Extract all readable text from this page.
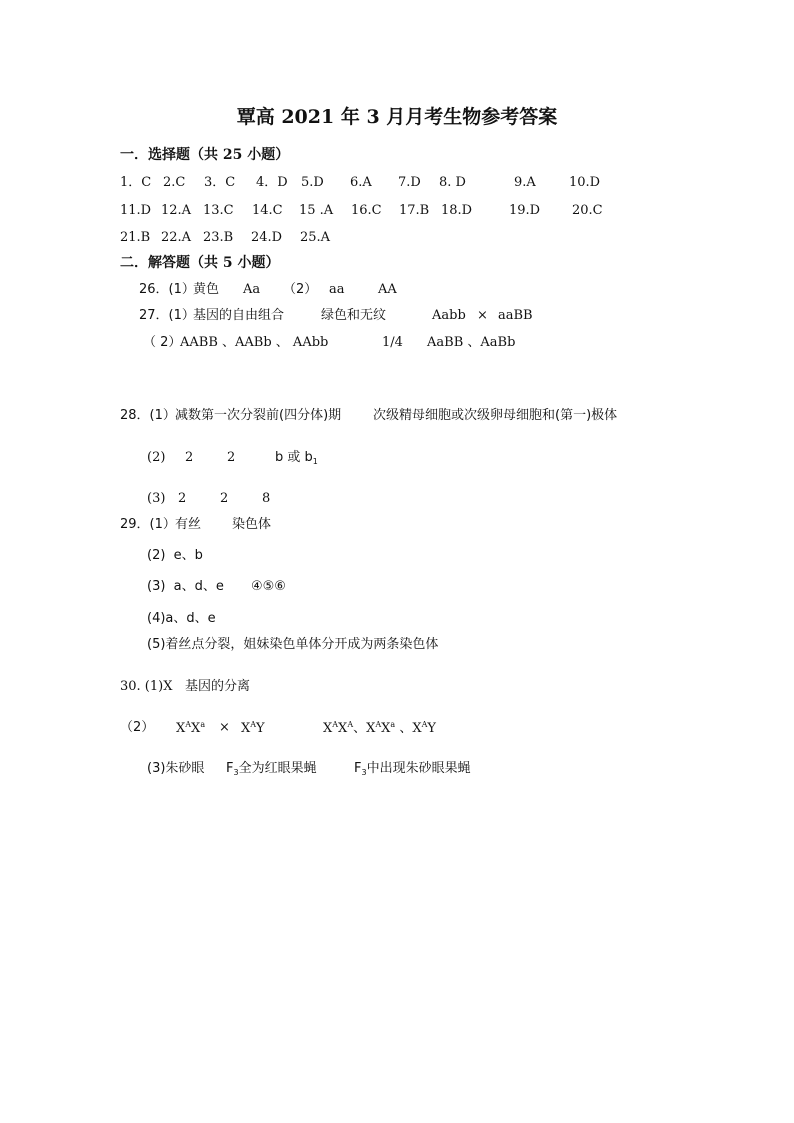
覃高 2021 年 3 月月考生物参考答案
一．选择题（共 25 小题）
1．C 2.C 3．C 4．D 5.D 6.A 7.D 8. D	9.A	10.D
11.D 12.A 13.C 14.C 15 .A 16.C 17.B 18.D	19.D 20.C
21.B 22.A 23.B 24.D 25.A
二．解答题（共 5 小题）
26．(1）
黄色 Aa （2） aa	AA
27．(1）
基因的自由组合	绿色和无纹	Aabb × aaBB
（ 2）
AABB 、AABb 、 AAbb	1/4 AaBB 、AaBb
28．(1） 减数第一次分裂前(四分体)期 次级精母细胞或次级卵母细胞和(第一)极体
(2) 2	2	b 或 $b_1$
(3) 2	2	8
29．(1） 有丝 染色体
(2)  e、b
(3)  a、d、e ④⑤⑥
(4)a、d、e
(5)着丝点分裂，姐妹染色单体分开成为两条染色体
30. (1)X 基因的分离
（2） $X^AX^a \times X^AY$	$X^AX^A$、$X^AX^a$ 、$X^AY$
(3)朱砂眼 $F_3$全为红眼果蝇	$F_3$中出现朱砂眼果蝇
